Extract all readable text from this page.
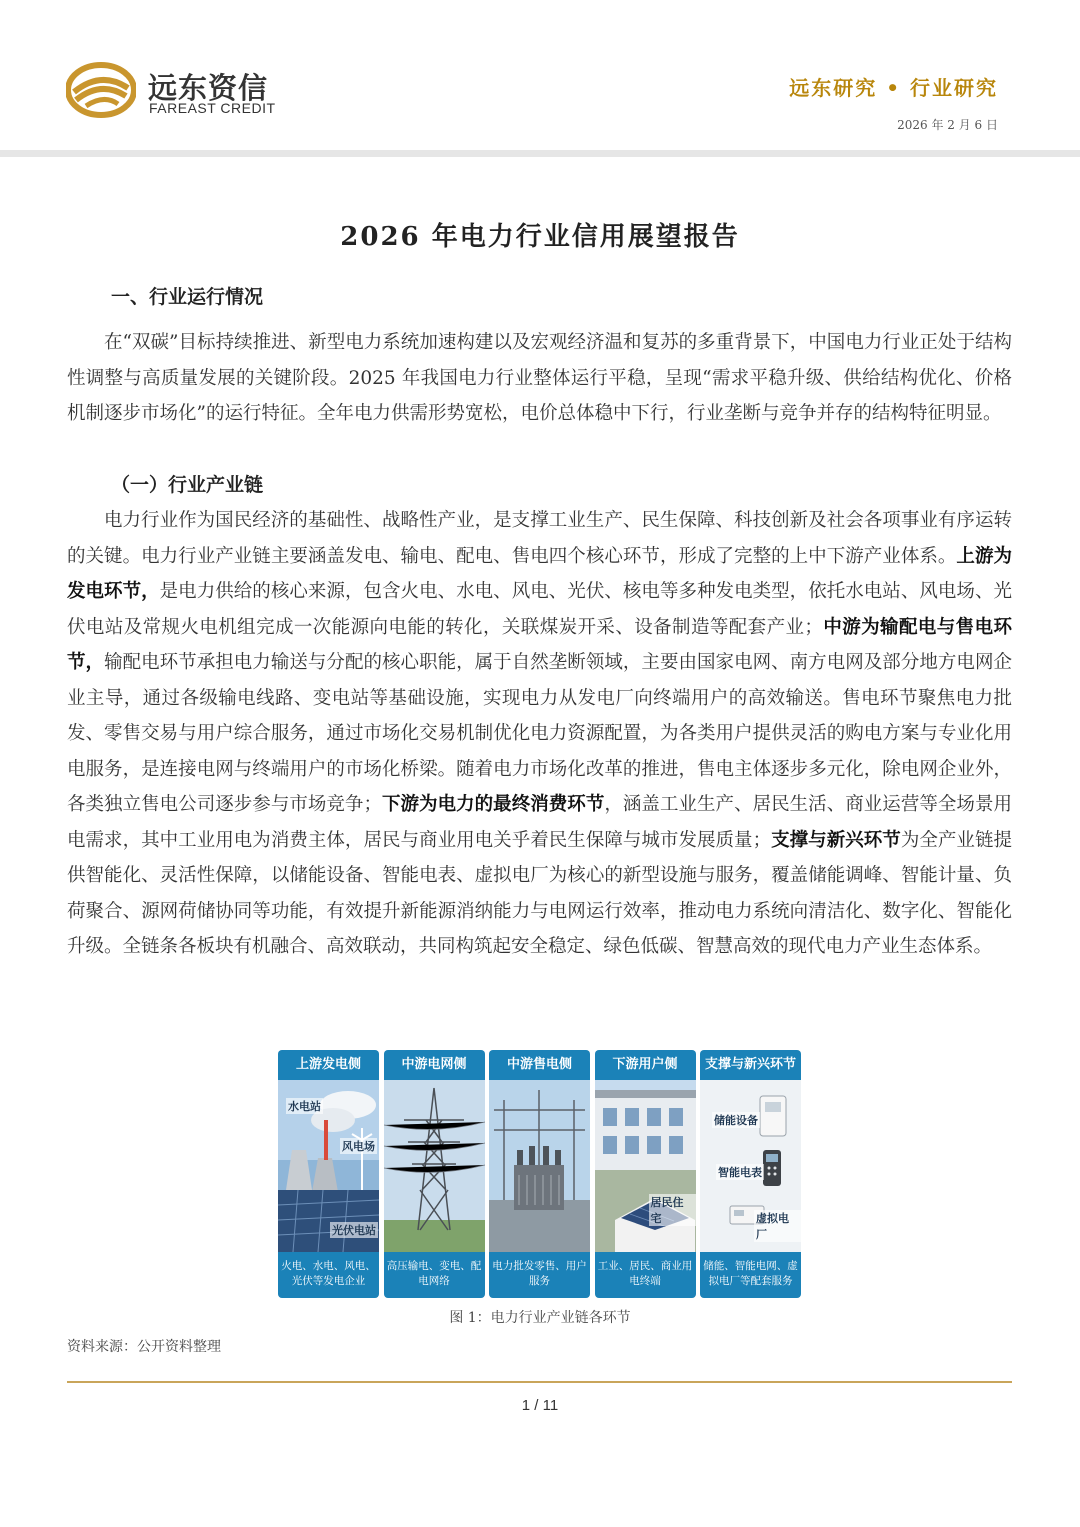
远东资信
FAREAST CREDIT
远东研究 • 行业研究
2026 年 2 月 6 日
2026 年电力行业信用展望报告
一、行业运行情况

在“双碳”目标持续推进、新型电力系统加速构建以及宏观经济温和复苏的多重背景下，中国电力行业正处于结构性调整与高质量发展的关键阶段。2025 年我国电力行业整体运行平稳，呈现“需求平稳升级、供给结构优化、价格机制逐步市场化”的运行特征。全年电力供需形势宽松，电价总体稳中下行，行业垄断与竞争并存的结构特征明显。

（一）行业产业链

电力行业作为国民经济的基础性、战略性产业，是支撑工业生产、民生保障、科技创新及社会各项事业有序运转的关键。电力行业产业链主要涵盖发电、输电、配电、售电四个核心环节，形成了完整的上中下游产业体系。上游为发电环节，是电力供给的核心来源，包含火电、水电、风电、光伏、核电等多种发电类型，依托水电站、风电场、光伏电站及常规火电机组完成一次能源向电能的转化，关联煤炭开采、设备制造等配套产业；中游为输配电与售电环节，输配电环节承担电力输送与分配的核心职能，属于自然垄断领域，主要由国家电网、南方电网及部分地方电网企业主导，通过各级输电线路、变电站等基础设施，实现电力从发电厂向终端用户的高效输送。售电环节聚焦电力批发、零售交易与用户综合服务，通过市场化交易机制优化电力资源配置，为各类用户提供灵活的购电方案与专业化用电服务，是连接电网与终端用户的市场化桥梁。随着电力市场化改革的推进，售电主体逐步多元化，除电网企业外，各类独立售电公司逐步参与市场竞争；下游为电力的最终消费环节，涵盖工业生产、居民生活、商业运营等全场景用电需求，其中工业用电为消费主体，居民与商业用电关乎着民生保障与城市发展质量；支撑与新兴环节为全产业链提供智能化、灵活性保障，以储能设备、智能电表、虚拟电厂为核心的新型设施与服务，覆盖储能调峰、智能计量、负荷聚合、源网荷储协同等功能，有效提升新能源消纳能力与电网运行效率，推动电力系统向清洁化、数字化、智能化升级。全链条各板块有机融合、高效联动，共同构筑起安全稳定、绿色低碳、智慧高效的现代电力产业生态体系。

上游发电侧
水电站
风电场
光伏电站
火电、水电、风电、光伏等发电企业
中游电网侧
高压输电、变电、配电网络
中游售电侧
电力批发零售、用户服务
下游用户侧
居民住宅
工业、居民、商业用电终端
支撑与新兴环节
储能设备
智能电表
虚拟电厂
储能、智能电网、虚拟电厂等配套服务
图 1：电力行业产业链各环节
资料来源：公开资料整理
1 / 11
